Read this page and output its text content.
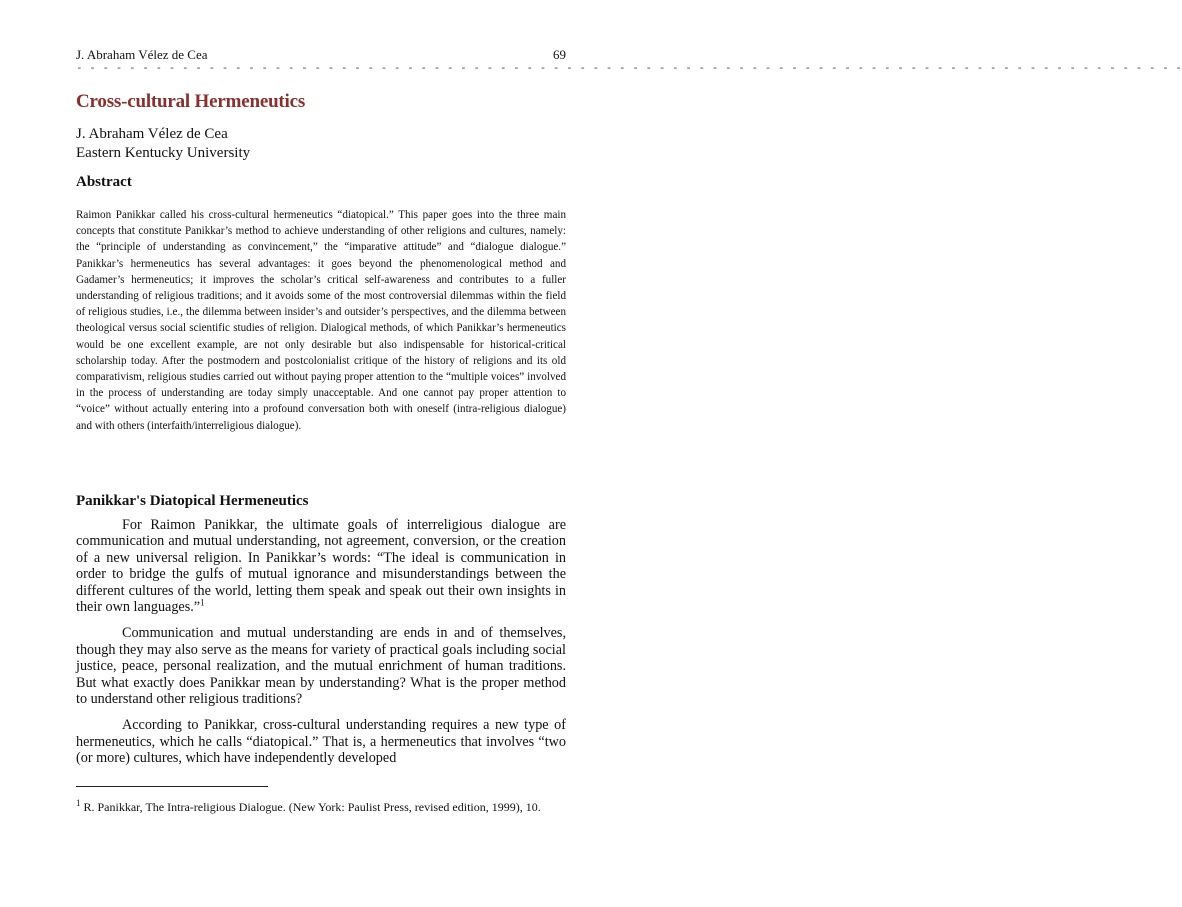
J. Abraham Vélez de Cea	69
- - - - - - - - - - - - - - - - - - - - - - - - - - - - - - - - - - - - - - - - - - - - - - - - - - - - - - - - - - - - - - - - - - - - - - - - - - - - - - - - - - - -
Cross-cultural Hermeneutics
J. Abraham Vélez de Cea
Eastern Kentucky University
Abstract

Raimon Panikkar called his cross-cultural hermeneutics “diatopical.” This paper goes into the three main concepts that constitute Panikkar’s method to achieve understanding of other religions and cultures, namely: the “principle of understanding as convincement,” the “imparative attitude” and “dialogue dialogue.” Panikkar’s hermeneutics has several advantages: it goes beyond the phenomenological method and Gadamer’s hermeneutics; it improves the scholar’s critical self-awareness and contributes to a fuller understanding of religious traditions; and it avoids some of the most controversial dilemmas within the field of religious studies, i.e., the dilemma between insider’s and outsider’s perspectives, and the dilemma between theological versus social scientific studies of religion. Dialogical methods, of which Panikkar’s hermeneutics would be one excellent example, are not only desirable but also indispensable for historical-critical scholarship today. After the postmodern and postcolonialist critique of the history of religions and its old comparativism, religious studies carried out without paying proper attention to the “multiple voices” involved in the process of understanding are today simply unacceptable. And one cannot pay proper attention to “voice” without actually entering into a profound conversation both with oneself (intra-religious dialogue) and with others (interfaith/interreligious dialogue).

Panikkar's Diatopical Hermeneutics

For Raimon Panikkar, the ultimate goals of interreligious dialogue are communication and mutual understanding, not agreement, conversion, or the creation of a new universal religion. In Panikkar’s words: “The ideal is communication in order to bridge the gulfs of mutual ignorance and misunderstandings between the different cultures of the world, letting them speak and speak out their own insights in their own languages.”$^1$

Communication and mutual understanding are ends in and of themselves, though they may also serve as the means for variety of practical goals including social justice, peace, personal realization, and the mutual enrichment of human traditions. But what exactly does Panikkar mean by understanding? What is the proper method to understand other religious traditions?

According to Panikkar, cross-cultural understanding requires a new type of hermeneutics, which he calls “diatopical.” That is, a hermeneutics that involves “two (or more) cultures, which have independently developed

$^1$ R. Panikkar, The Intra-religious Dialogue. (New York: Paulist Press, revised edition, 1999), 10.
